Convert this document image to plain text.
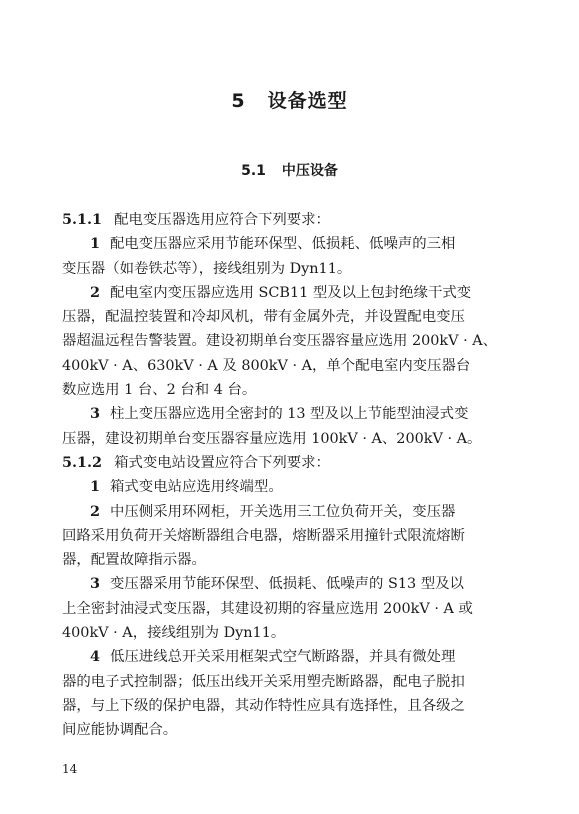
5 设备选型
5.1 中压设备
5.1.1 配电变压器选用应符合下列要求：
1 配电变压器应采用节能环保型、低损耗、低噪声的三相
变压器（如卷铁芯等），接线组别为 Dyn11。
2 配电室内变压器应选用 SCB11 型及以上包封绝缘干式变
压器，配温控装置和冷却风机，带有金属外壳，并设置配电变压
器超温远程告警装置。建设初期单台变压器容量应选用 200kV · A、
400kV · A、630kV · A 及 800kV · A，单个配电室内变压器台
数应选用 1 台、2 台和 4 台。
3 柱上变压器应选用全密封的 13 型及以上节能型油浸式变
压器，建设初期单台变压器容量应选用 100kV · A、200kV · A。
5.1.2 箱式变电站设置应符合下列要求：
1 箱式变电站应选用终端型。
2 中压侧采用环网柜，开关选用三工位负荷开关，变压器
回路采用负荷开关熔断器组合电器，熔断器采用撞针式限流熔断
器，配置故障指示器。
3 变压器采用节能环保型、低损耗、低噪声的 S13 型及以
上全密封油浸式变压器，其建设初期的容量应选用 200kV · A 或
400kV · A，接线组别为 Dyn11。
4 低压进线总开关采用框架式空气断路器，并具有微处理
器的电子式控制器；低压出线开关采用塑壳断路器，配电子脱扣
器，与上下级的保护电器，其动作特性应具有选择性，且各级之
间应能协调配合。
14
